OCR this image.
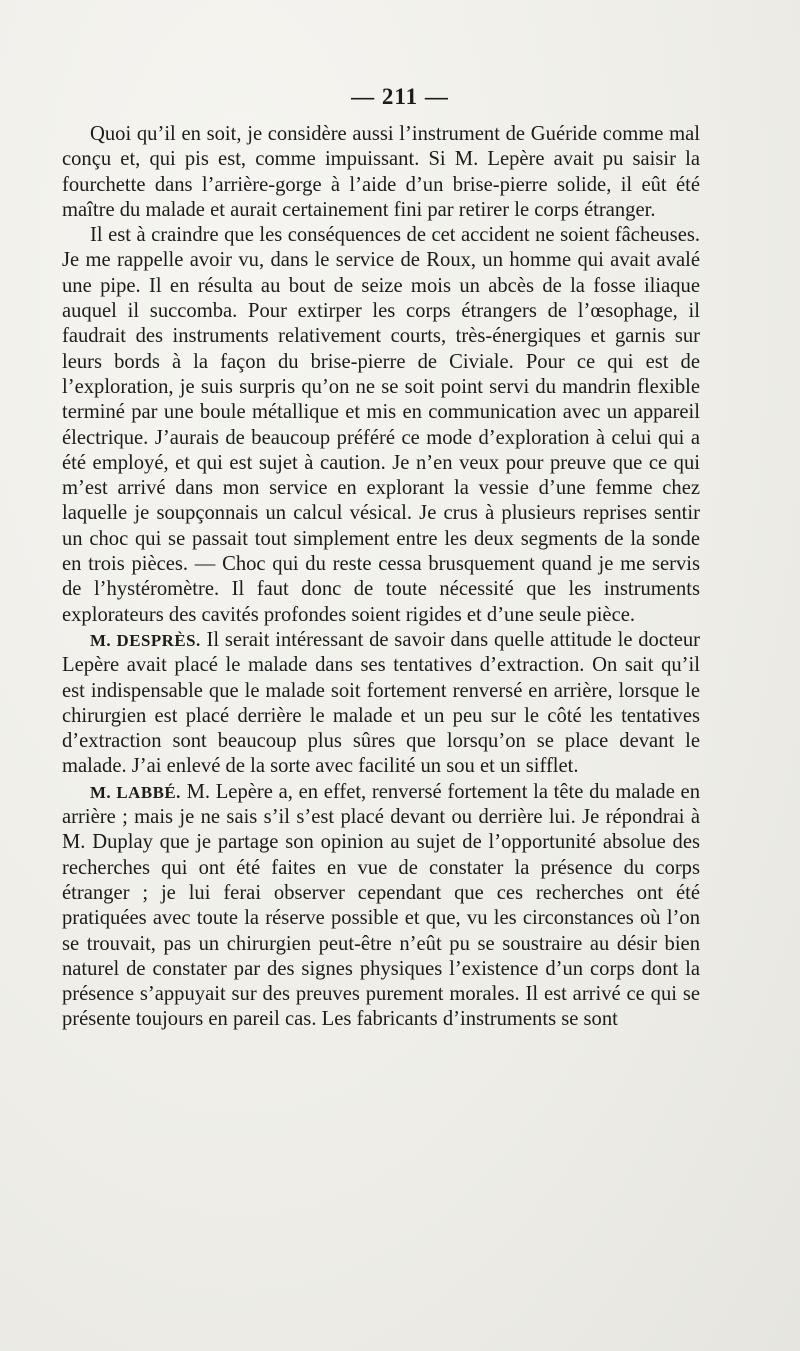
— 211 —

Quoi qu’il en soit, je considère aussi l’instrument de Guéride comme mal conçu et, qui pis est, comme impuissant. Si M. Lepère avait pu saisir la fourchette dans l’arrière-gorge à l’aide d’un brise-pierre solide, il eût été maître du malade et aurait certainement fini par retirer le corps étranger.

Il est à craindre que les conséquences de cet accident ne soient fâcheuses. Je me rappelle avoir vu, dans le service de Roux, un homme qui avait avalé une pipe. Il en résulta au bout de seize mois un abcès de la fosse iliaque auquel il succomba. Pour extirper les corps étrangers de l’œsophage, il faudrait des instruments relativement courts, très-énergiques et garnis sur leurs bords à la façon du brise-pierre de Civiale. Pour ce qui est de l’exploration, je suis surpris qu’on ne se soit point servi du mandrin flexible terminé par une boule métallique et mis en communication avec un appareil électrique. J’aurais de beaucoup préféré ce mode d’exploration à celui qui a été employé, et qui est sujet à caution. Je n’en veux pour preuve que ce qui m’est arrivé dans mon service en explorant la vessie d’une femme chez laquelle je soupçonnais un calcul vésical. Je crus à plusieurs reprises sentir un choc qui se passait tout simplement entre les deux segments de la sonde en trois pièces. — Choc qui du reste cessa brusquement quand je me servis de l’hystéromètre. Il faut donc de toute nécessité que les instruments explorateurs des cavités profondes soient rigides et d’une seule pièce.

M. DESPRÈS. Il serait intéressant de savoir dans quelle attitude le docteur Lepère avait placé le malade dans ses tentatives d’extraction. On sait qu’il est indispensable que le malade soit fortement renversé en arrière, lorsque le chirurgien est placé derrière le malade et un peu sur le côté les tentatives d’extraction sont beaucoup plus sûres que lorsqu’on se place devant le malade. J’ai enlevé de la sorte avec facilité un sou et un sifflet.

M. LABBÉ. M. Lepère a, en effet, renversé fortement la tête du malade en arrière ; mais je ne sais s’il s’est placé devant ou derrière lui. Je répondrai à M. Duplay que je partage son opinion au sujet de l’opportunité absolue des recherches qui ont été faites en vue de constater la présence du corps étranger ; je lui ferai observer cependant que ces recherches ont été pratiquées avec toute la réserve possible et que, vu les circonstances où l’on se trouvait, pas un chirurgien peut-être n’eût pu se soustraire au désir bien naturel de constater par des signes physiques l’existence d’un corps dont la présence s’appuyait sur des preuves purement morales. Il est arrivé ce qui se présente toujours en pareil cas. Les fabricants d’instruments se sont
